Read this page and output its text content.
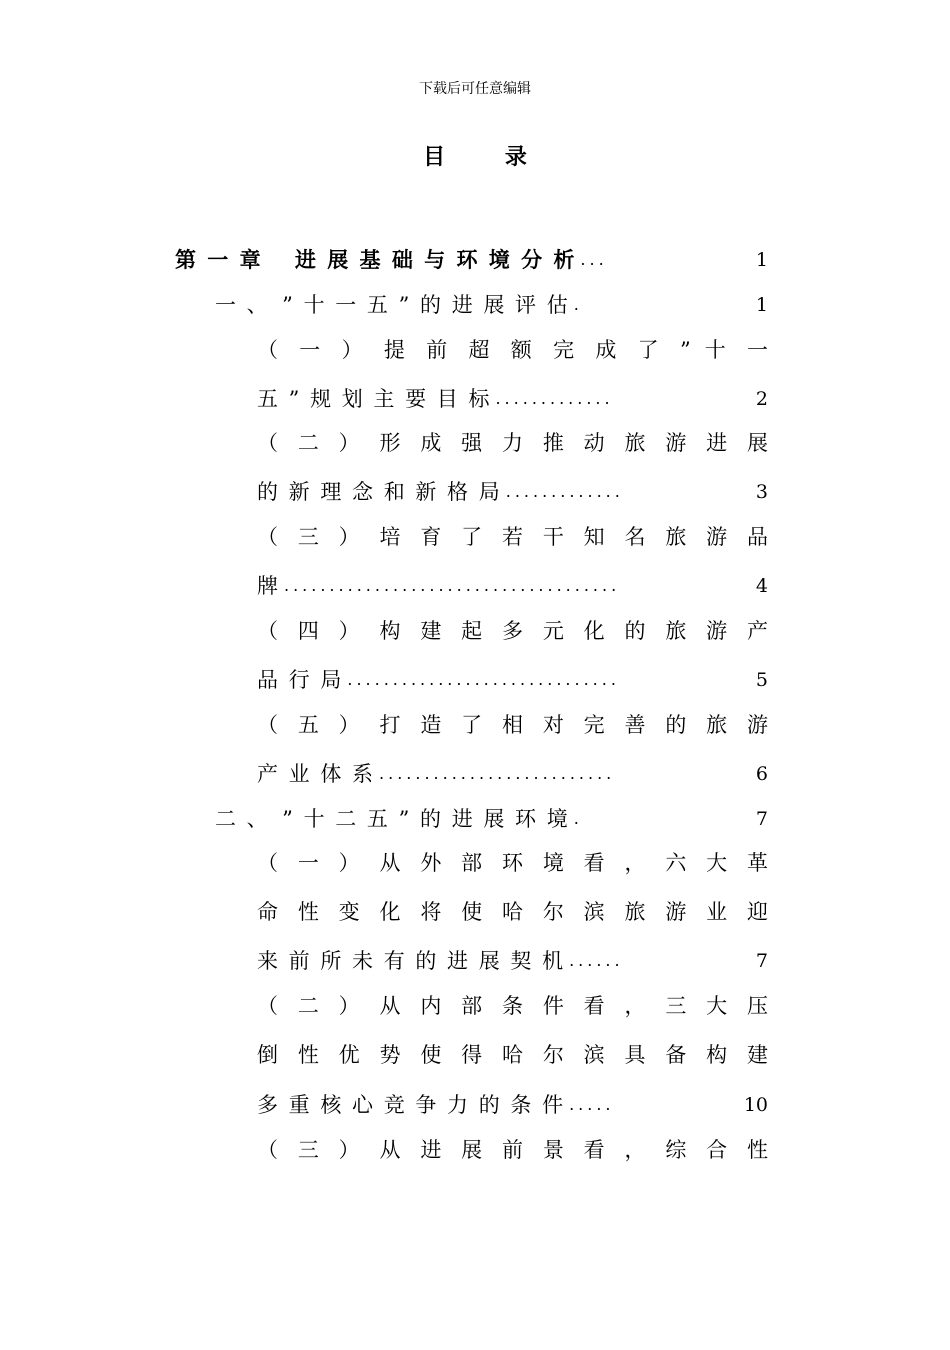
下载后可任意编辑
目	录
第 一 章　 进 展 基 础 与 环 境 分 析 ...	1
一 、　” 十 一 五 ” 的 进 展 评 估 .	1
（ 一 ） 提 前 超 额 完 成 了 ” 十 一
五 ” 规 划 主 要 目 标 .............	2
（ 二 ） 形 成 强 力 推 动 旅 游 进 展
的 新 理 念 和 新 格 局 .............	3
（ 三 ） 培 育 了 若 干 知 名 旅 游 品
牌 .....................................	4
（ 四 ） 构 建 起 多 元 化 的 旅 游 产
品 行 局 ..............................	5
（ 五 ） 打 造 了 相 对 完 善 的 旅 游
产 业 体 系 ..........................	6
二 、　” 十 二 五 ” 的 进 展 环 境 .	7
（ 一 ） 从 外 部 环 境 看 ， 六 大 革
命 性 变 化 将 使 哈 尔 滨 旅 游 业 迎
来 前 所 未 有 的 进 展 契 机 ......	7
（ 二 ） 从 内 部 条 件 看 ， 三 大 压
倒 性 优 势 使 得 哈 尔 滨 具 备 构 建
多 重 核 心 竞 争 力 的 条 件 .....	10
（ 三 ） 从 进 展 前 景 看 ， 综 合 性
